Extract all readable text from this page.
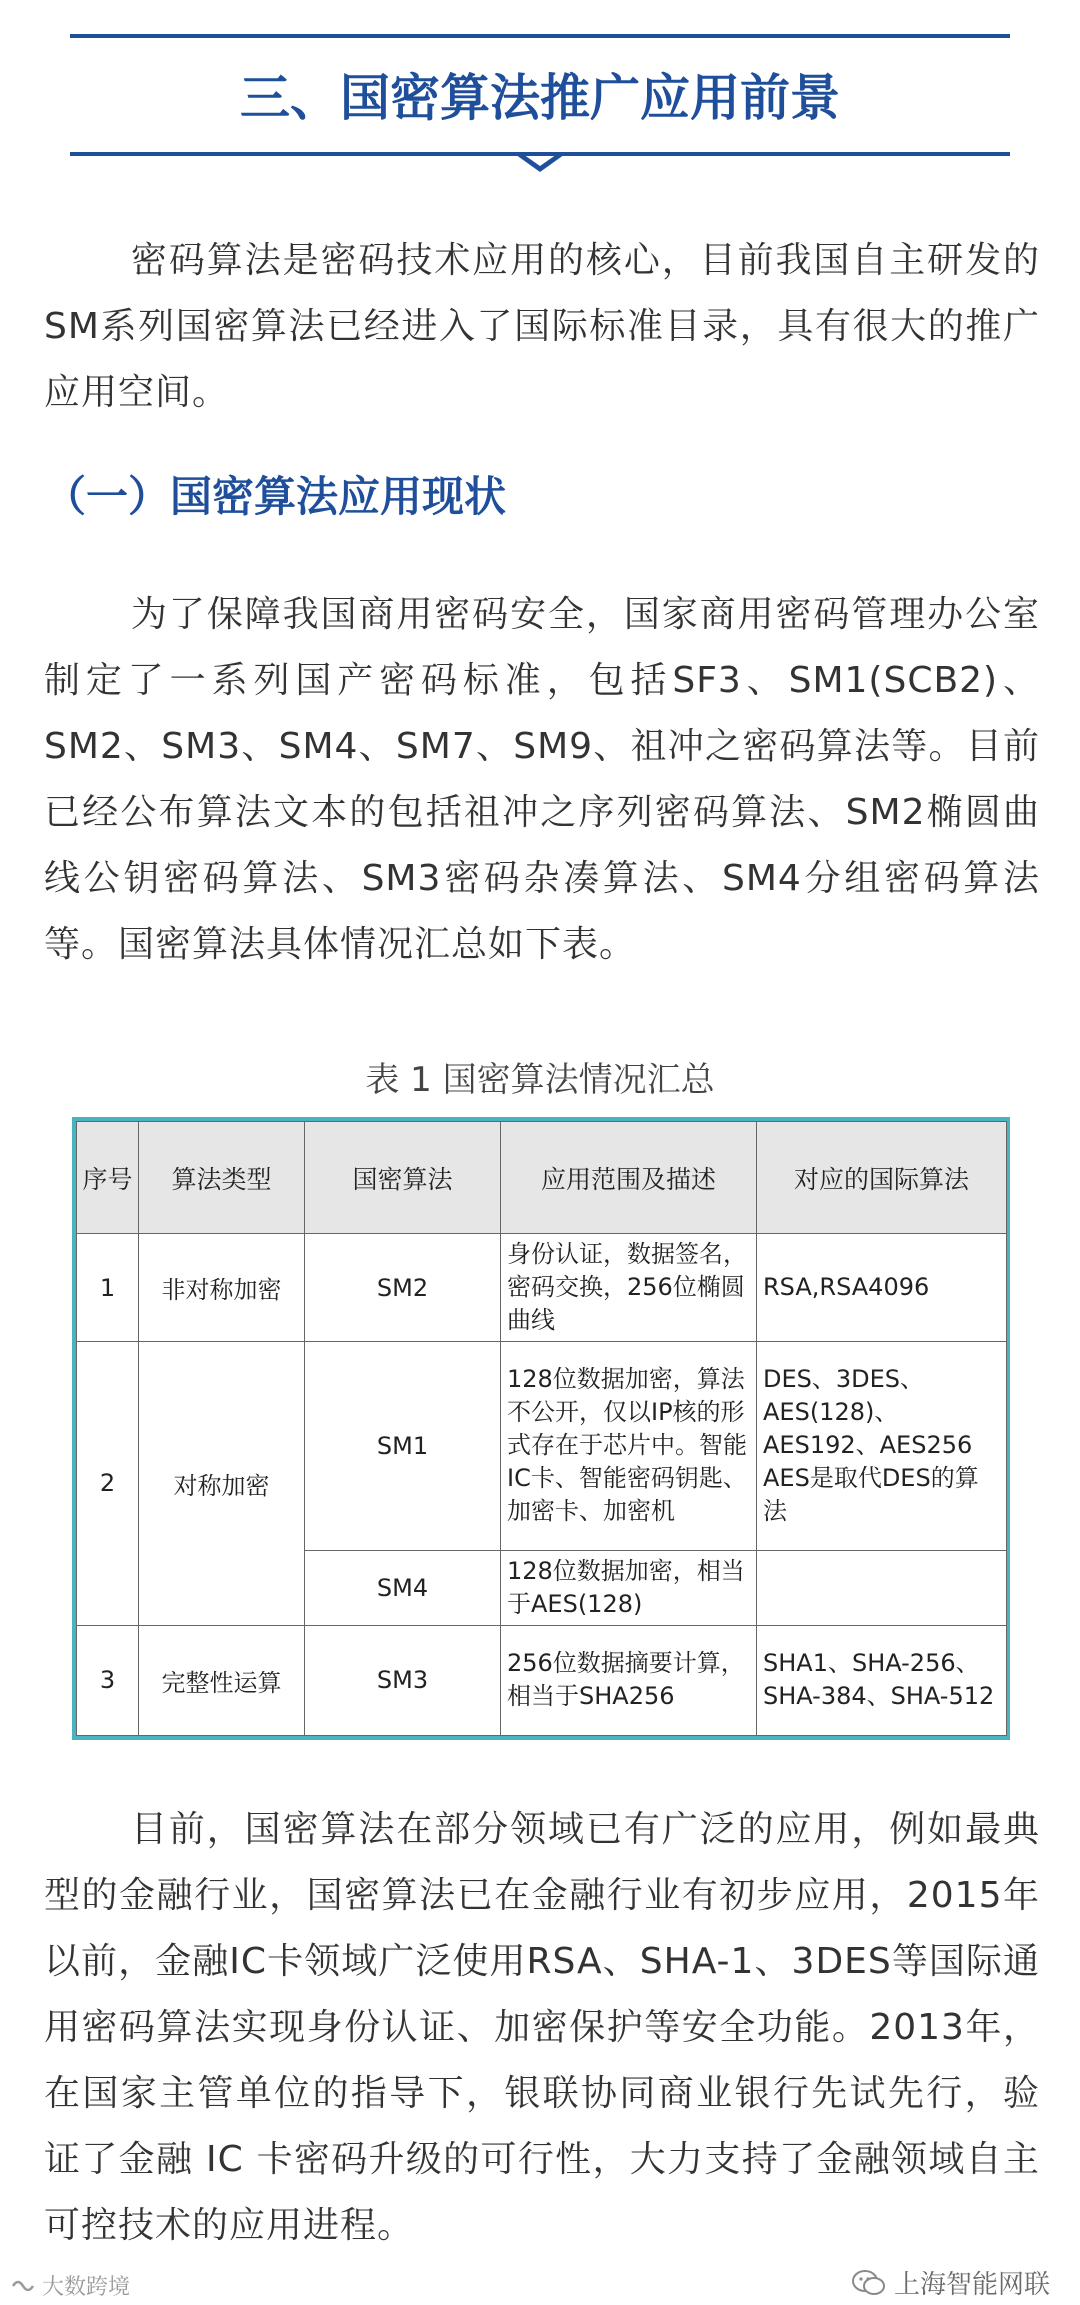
三、国密算法推广应用前景
密码算法是密码技术应用的核心，目前我国自主研发的SM系列国密算法已经进入了国际标准目录，具有很大的推广应用空间。
（一）国密算法应用现状
为了保障我国商用密码安全，国家商用密码管理办公室制定了一系列国产密码标准，包括SF3、SM1(SCB2)、SM2、SM3、SM4、SM7、SM9、祖冲之密码算法等。目前已经公布算法文本的包括祖冲之序列密码算法、SM2椭圆曲线公钥密码算法、SM3密码杂凑算法、SM4分组密码算法等。国密算法具体情况汇总如下表。
表 1 国密算法情况汇总
序号	算法类型	国密算法	应用范围及描述	对应的国际算法
1	非对称加密	SM2	身份认证，数据签名，密码交换，256位椭圆曲线	RSA,RSA4096
2	对称加密	SM1	128位数据加密，算法不公开，仅以IP核的形式存在于芯片中。智能IC卡、智能密码钥匙、加密卡、加密机	DES、3DES、AES(128)、AES192、AES256 AES是取代DES的算法
		SM4	128位数据加密，相当于AES(128)	
3	完整性运算	SM3	256位数据摘要计算，相当于SHA256	SHA1、SHA-256、SHA-384、SHA-512
目前，国密算法在部分领域已有广泛的应用，例如最典型的金融行业，国密算法已在金融行业有初步应用，2015年以前，金融IC卡领域广泛使用RSA、SHA-1、3DES等国际通用密码算法实现身份认证、加密保护等安全功能。2013年，在国家主管单位的指导下，银联协同商业银行先试先行，验证了金融 IC 卡密码升级的可行性，大力支持了金融领域自主可控技术的应用进程。
大数跨境	上海智能网联
